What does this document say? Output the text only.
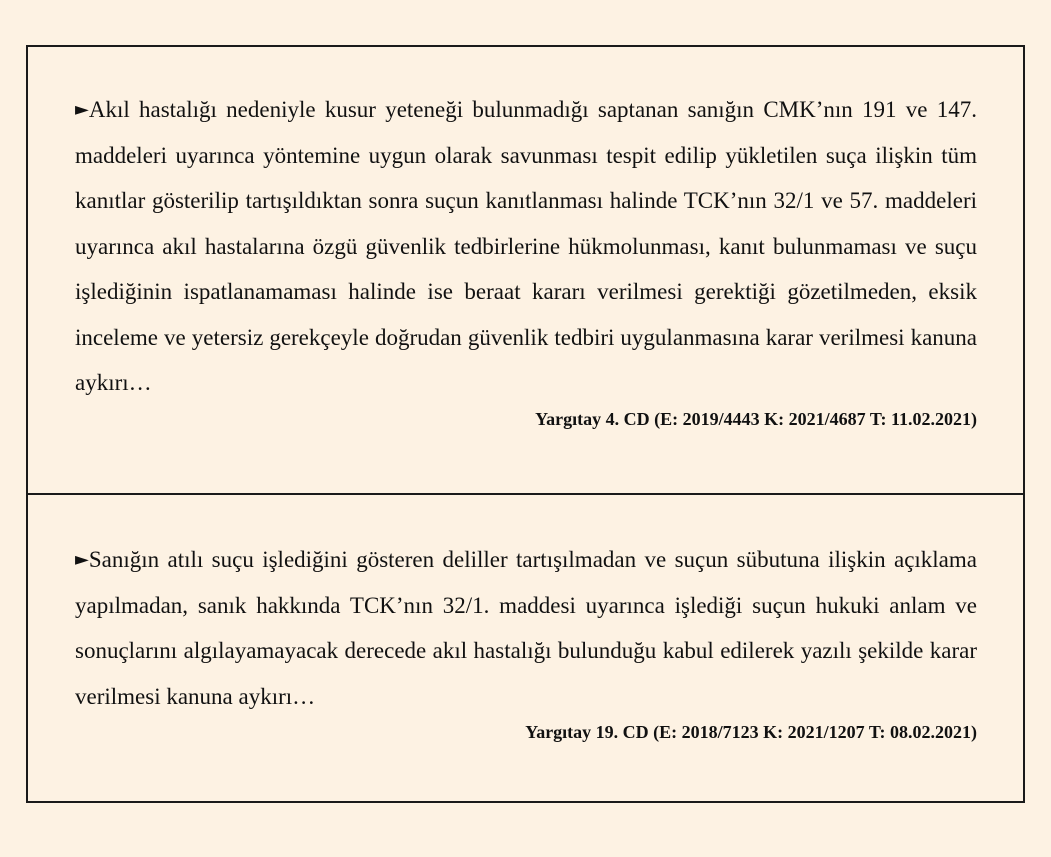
►Akıl hastalığı nedeniyle kusur yeteneği bulunmadığı saptanan sanığın CMK’nın 191 ve 147. maddeleri uyarınca yöntemine uygun olarak savunması tespit edilip yükletilen suça ilişkin tüm kanıtlar gösterilip tartışıldıktan sonra suçun kanıtlanması halinde TCK’nın 32/1 ve 57. maddeleri uyarınca akıl hastalarına özgü güvenlik tedbirlerine hükmolunması, kanıt bulunmaması ve suçu işlediğinin ispatlanamaması halinde ise beraat kararı verilmesi gerektiği gözetilmeden, eksik inceleme ve yetersiz gerekçeyle doğrudan güvenlik tedbiri uygulanmasına karar verilmesi kanuna aykırı…

Yargıtay 4. CD (E: 2019/4443 K: 2021/4687 T: 11.02.2021)

►Sanığın atılı suçu işlediğini gösteren deliller tartışılmadan ve suçun sübutuna ilişkin açıklama yapılmadan, sanık hakkında TCK’nın 32/1. maddesi uyarınca işlediği suçun hukuki anlam ve sonuçlarını algılayamayacak derecede akıl hastalığı bulunduğu kabul edilerek yazılı şekilde karar verilmesi kanuna aykırı…

Yargıtay 19. CD (E: 2018/7123 K: 2021/1207 T: 08.02.2021)
